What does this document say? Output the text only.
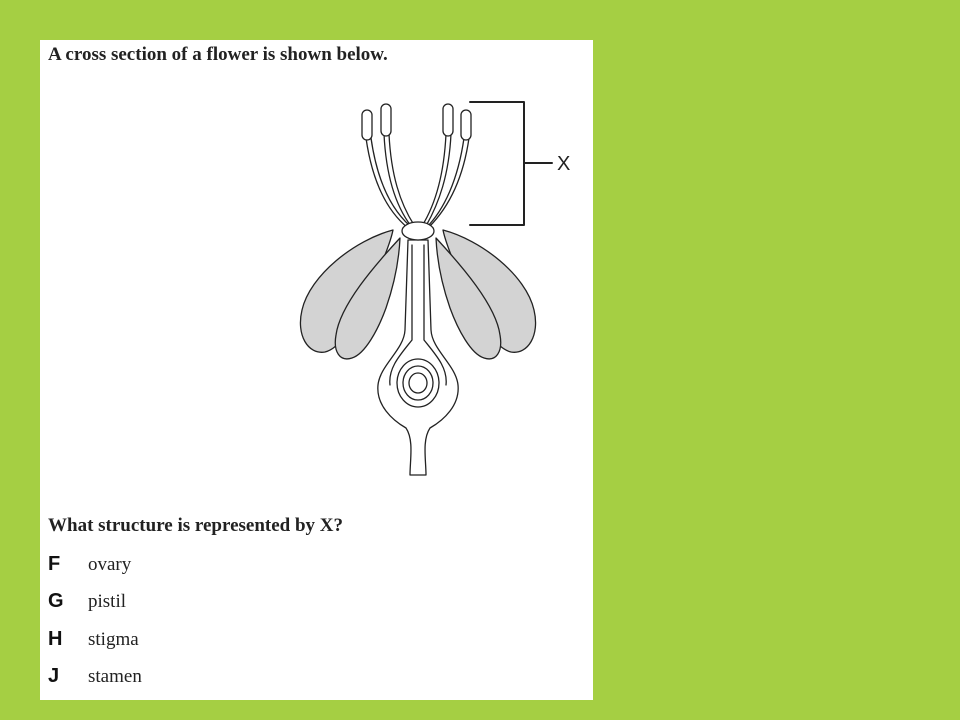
A cross section of a flower is shown below.
X
What structure is represented by X?
F ovary
G pistil
H stigma
J stamen
